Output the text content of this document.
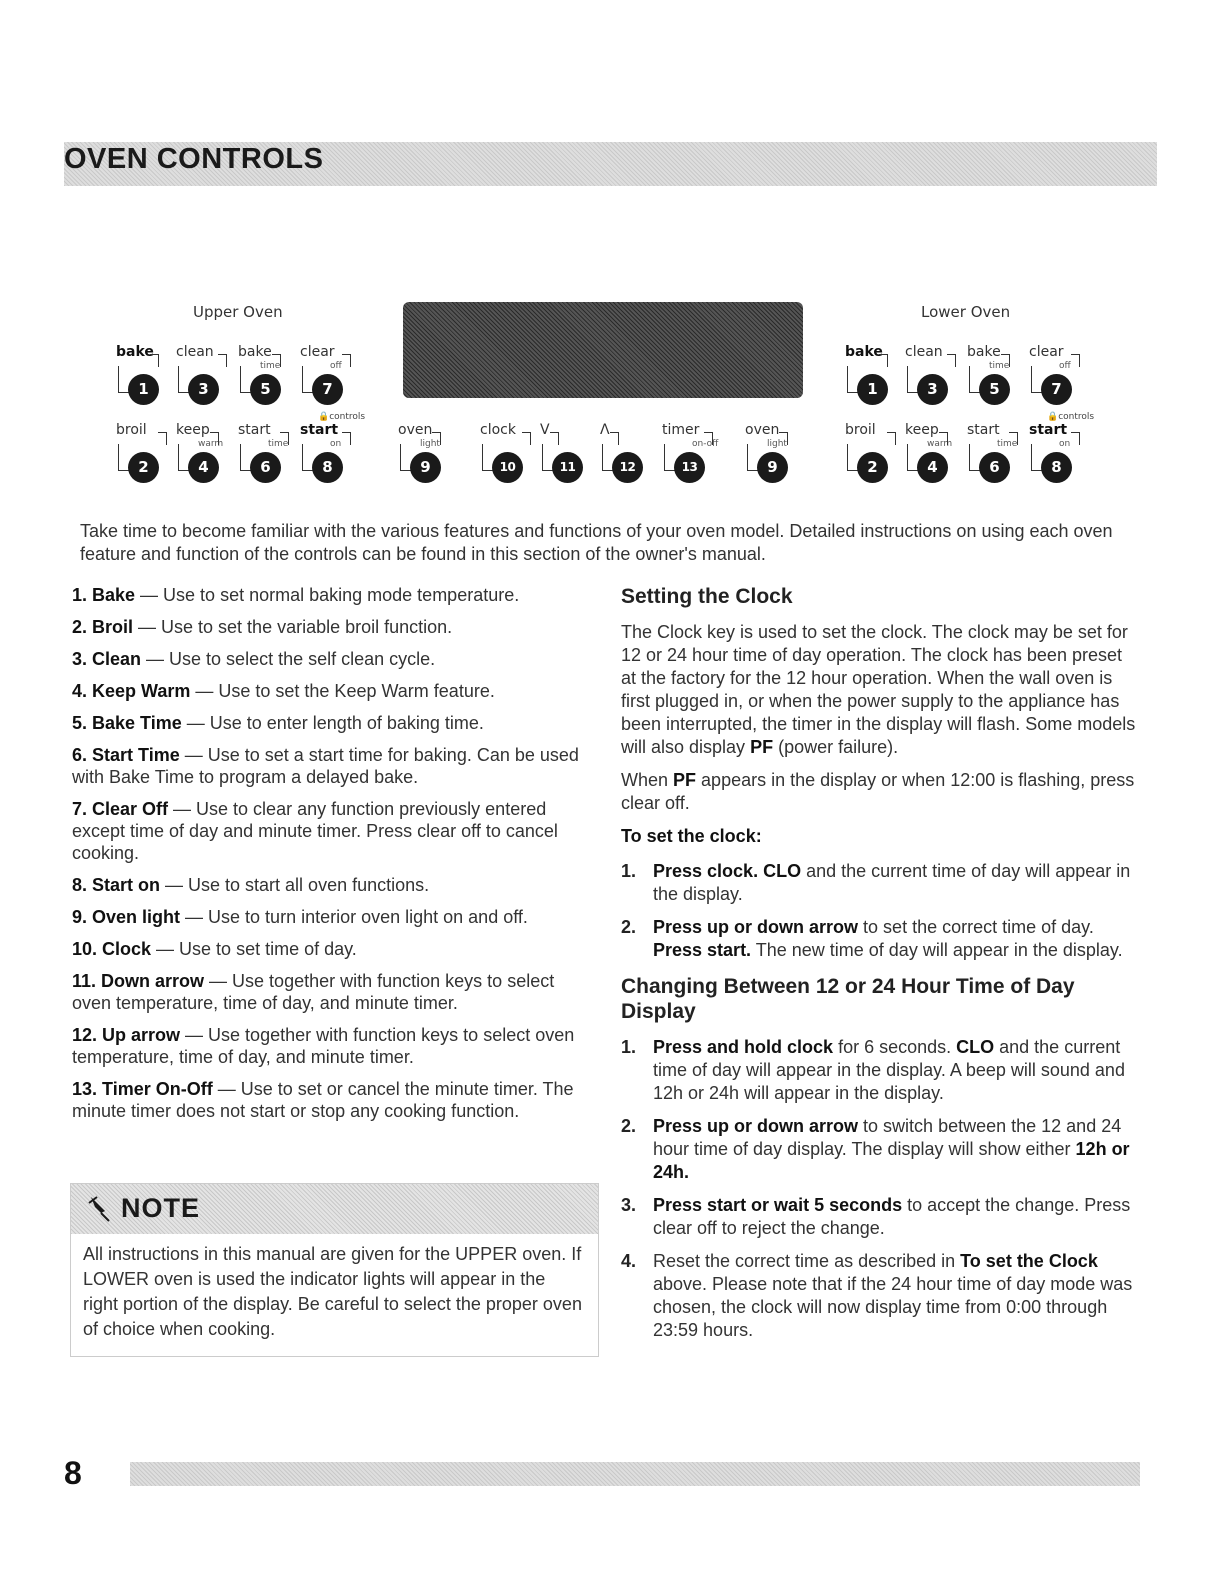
OVEN CONTROLS
Upper Oven	Lower Oven
bake
1
clean
3
bake
time
5
clear
off
7
broil
2
keep
warm
4
start
time
6
start
on
8
bake
1
clean
3
bake
time
5
clear
off
7
broil
2
keep
warm
4
start
time
6
start
on
8
oven
light
9
clock
10
V
11
Λ
12
timer
on-off
13
oven
light
9
🔒controls	🔒controls
Take time to become familiar with the various features and functions of your oven model. Detailed instructions on using each oven feature and function of the controls can be found in this section of the owner's manual.

1. Bake — Use to set normal baking mode temperature.

2. Broil — Use to set the variable broil function.

3. Clean — Use to select the self clean cycle.

4. Keep Warm — Use to set the Keep Warm feature.

5. Bake Time — Use to enter length of baking time.

6. Start Time — Use to set a start time for baking. Can be used with Bake Time to program a delayed bake.

7. Clear Off — Use to clear any function previously entered except time of day and minute timer. Press clear off to cancel cooking.

8. Start on — Use to start all oven functions.

9. Oven light — Use to turn interior oven light on and off.

10. Clock — Use to set time of day.

11. Down arrow — Use together with function keys to select oven temperature, time of day, and minute timer.

12. Up arrow — Use together with function keys to select oven temperature, time of day, and minute timer.

13. Timer On-Off — Use to set or cancel the minute timer. The minute timer does not start or stop any cooking function.

NOTE
All instructions in this manual are given for the UPPER oven. If LOWER oven is used the indicator lights will appear in the right portion of the display. Be careful to select the proper oven of choice when cooking.
Setting the Clock

The Clock key is used to set the clock. The clock may be set for 12 or 24 hour time of day operation. The clock has been preset at the factory for the 12 hour operation. When the wall oven is first plugged in, or when the power supply to the appliance has been interrupted, the timer in the display will flash. Some models will also display PF (power failure).

When PF appears in the display or when 12:00 is flashing, press clear off.

To set the clock:

1. Press clock. CLO and the current time of day will appear in the display.
2. Press up or down arrow to set the correct time of day. Press start. The new time of day will appear in the display.
Changing Between 12 or 24 Hour Time of Day Display
1. Press and hold clock for 6 seconds. CLO and the current time of day will appear in the display. A beep will sound and 12h or 24h will appear in the display.
2. Press up or down arrow to switch between the 12 and 24 hour time of day display. The display will show either 12h or 24h.
3. Press start or wait 5 seconds to accept the change. Press clear off to reject the change.
4. Reset the correct time as described in To set the Clock above. Please note that if the 24 hour time of day mode was chosen, the clock will now display time from 0:00 through 23:59 hours.
8
